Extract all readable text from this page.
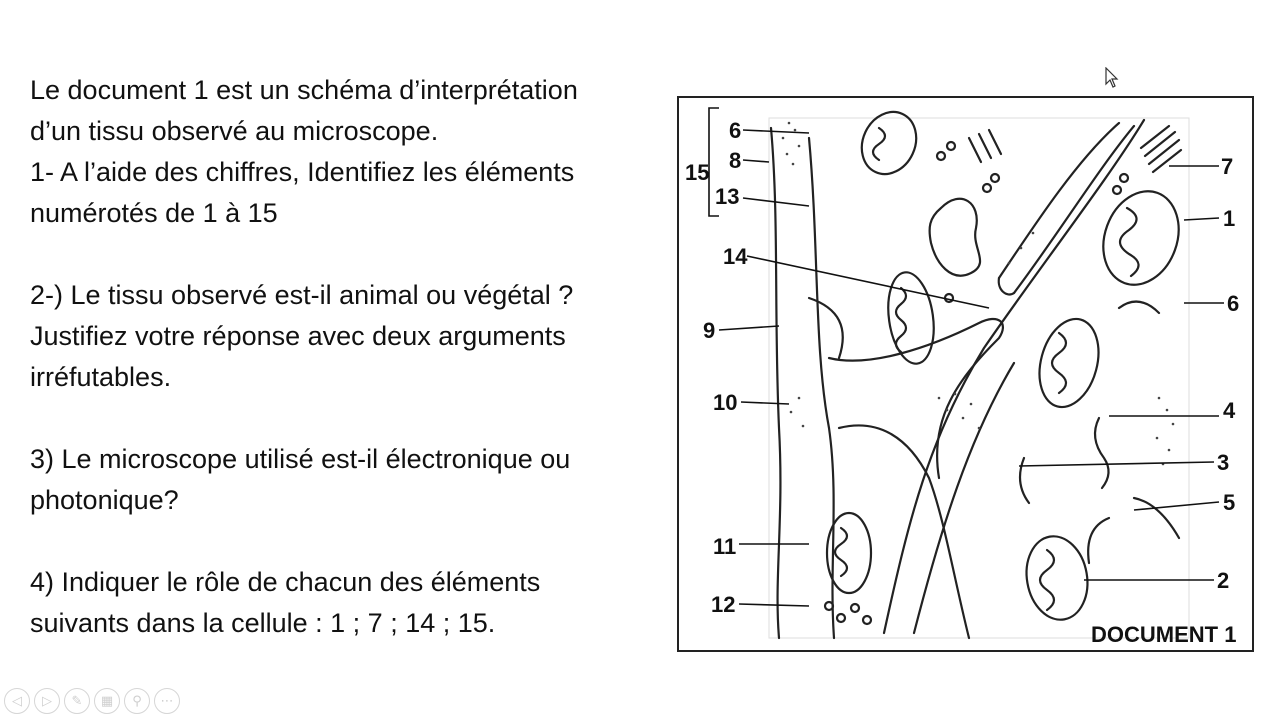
Le document 1 est un schéma d’interprétation d’un tissu observé au microscope.

1- A l’aide des chiffres, Identifiez les éléments numérotés de 1 à 15

2-) Le tissu observé est-il animal ou végétal ? Justifiez votre réponse avec deux arguments irréfutables.

3) Le microscope utilisé est-il électronique ou photonique?

4) Indiquer le rôle de chacun des éléments suivants dans la cellule : 1 ; 7 ; 14 ; 15.

6
8
15
13
14
9
10
11
12
7
1
6
4
3
5
2
DOCUMENT 1
◁	▷	✎	▦	⚲	⋯
